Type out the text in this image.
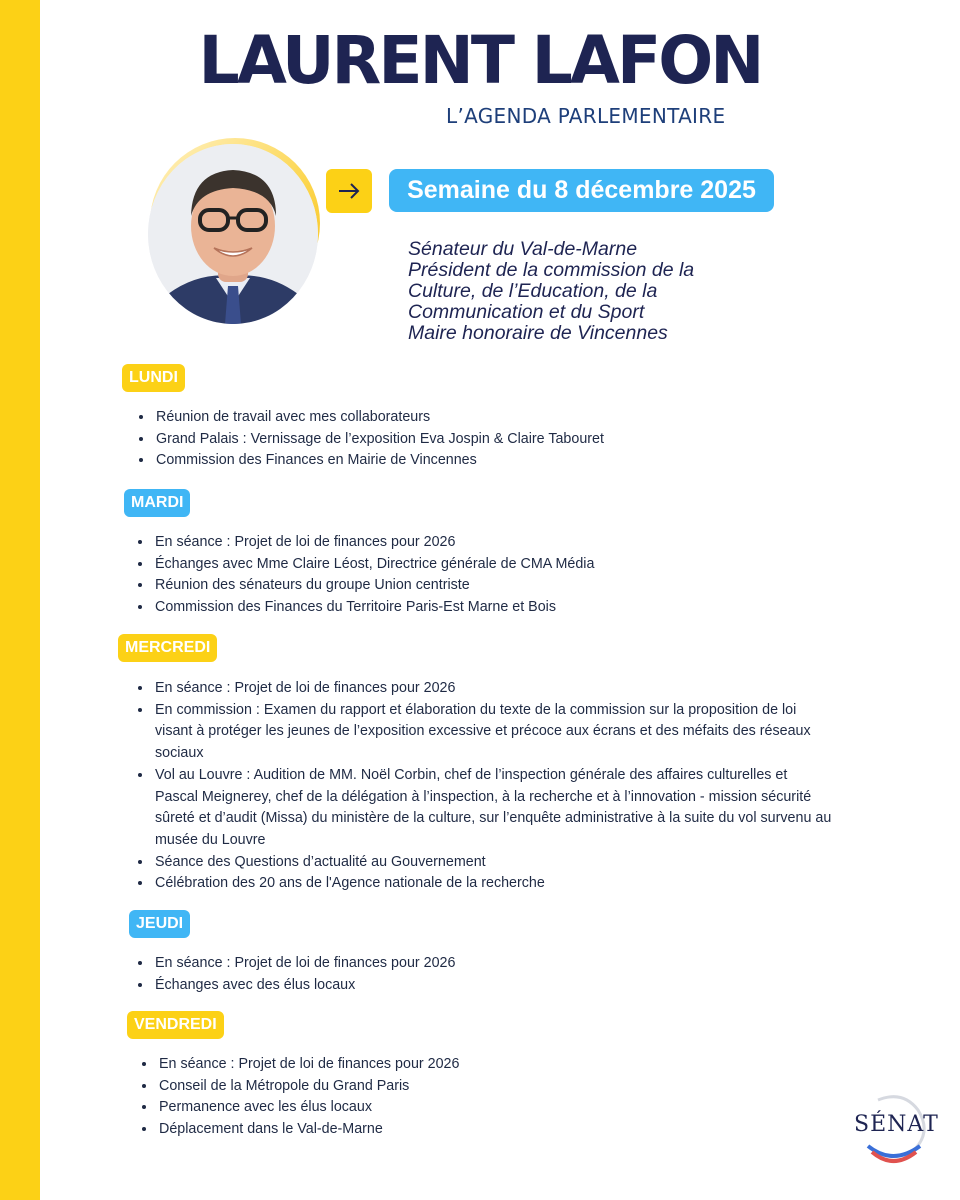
LAURENT LAFON
L’AGENDA PARLEMENTAIRE
Semaine du 8 décembre 2025
Sénateur du Val-de-Marne
Président de la commission de la
Culture, de l’Education, de la
Communication et du Sport
Maire honoraire de Vincennes
LUNDI
• Réunion de travail avec mes collaborateurs
• Grand Palais : Vernissage de l’exposition Eva Jospin & Claire Tabouret
• Commission des Finances en Mairie de Vincennes
MARDI
• En séance : Projet de loi de finances pour 2026
• Échanges avec Mme Claire Léost, Directrice générale de CMA Média
• Réunion des sénateurs du groupe Union centriste
• Commission des Finances du Territoire Paris-Est Marne et Bois
MERCREDI
• En séance : Projet de loi de finances pour 2026
• En commission : Examen du rapport et élaboration du texte de la commission sur la proposition de loi visant à protéger les jeunes de l’exposition excessive et précoce aux écrans et des méfaits des réseaux sociaux
• Vol au Louvre : Audition de MM. Noël Corbin, chef de l’inspection générale des affaires culturelles et Pascal Meignerey, chef de la délégation à l’inspection, à la recherche et à l’innovation - mission sécurité sûreté et d’audit (Missa) du ministère de la culture, sur l’enquête administrative à la suite du vol survenu au musée du Louvre
• Séance des Questions d’actualité au Gouvernement
• Célébration des 20 ans de l'Agence nationale de la recherche
JEUDI
• En séance : Projet de loi de finances pour 2026
• Échanges avec des élus locaux
VENDREDI
• En séance : Projet de loi de finances pour 2026
• Conseil de la Métropole du Grand Paris
• Permanence avec les élus locaux
• Déplacement dans le Val-de-Marne	SÉNAT
